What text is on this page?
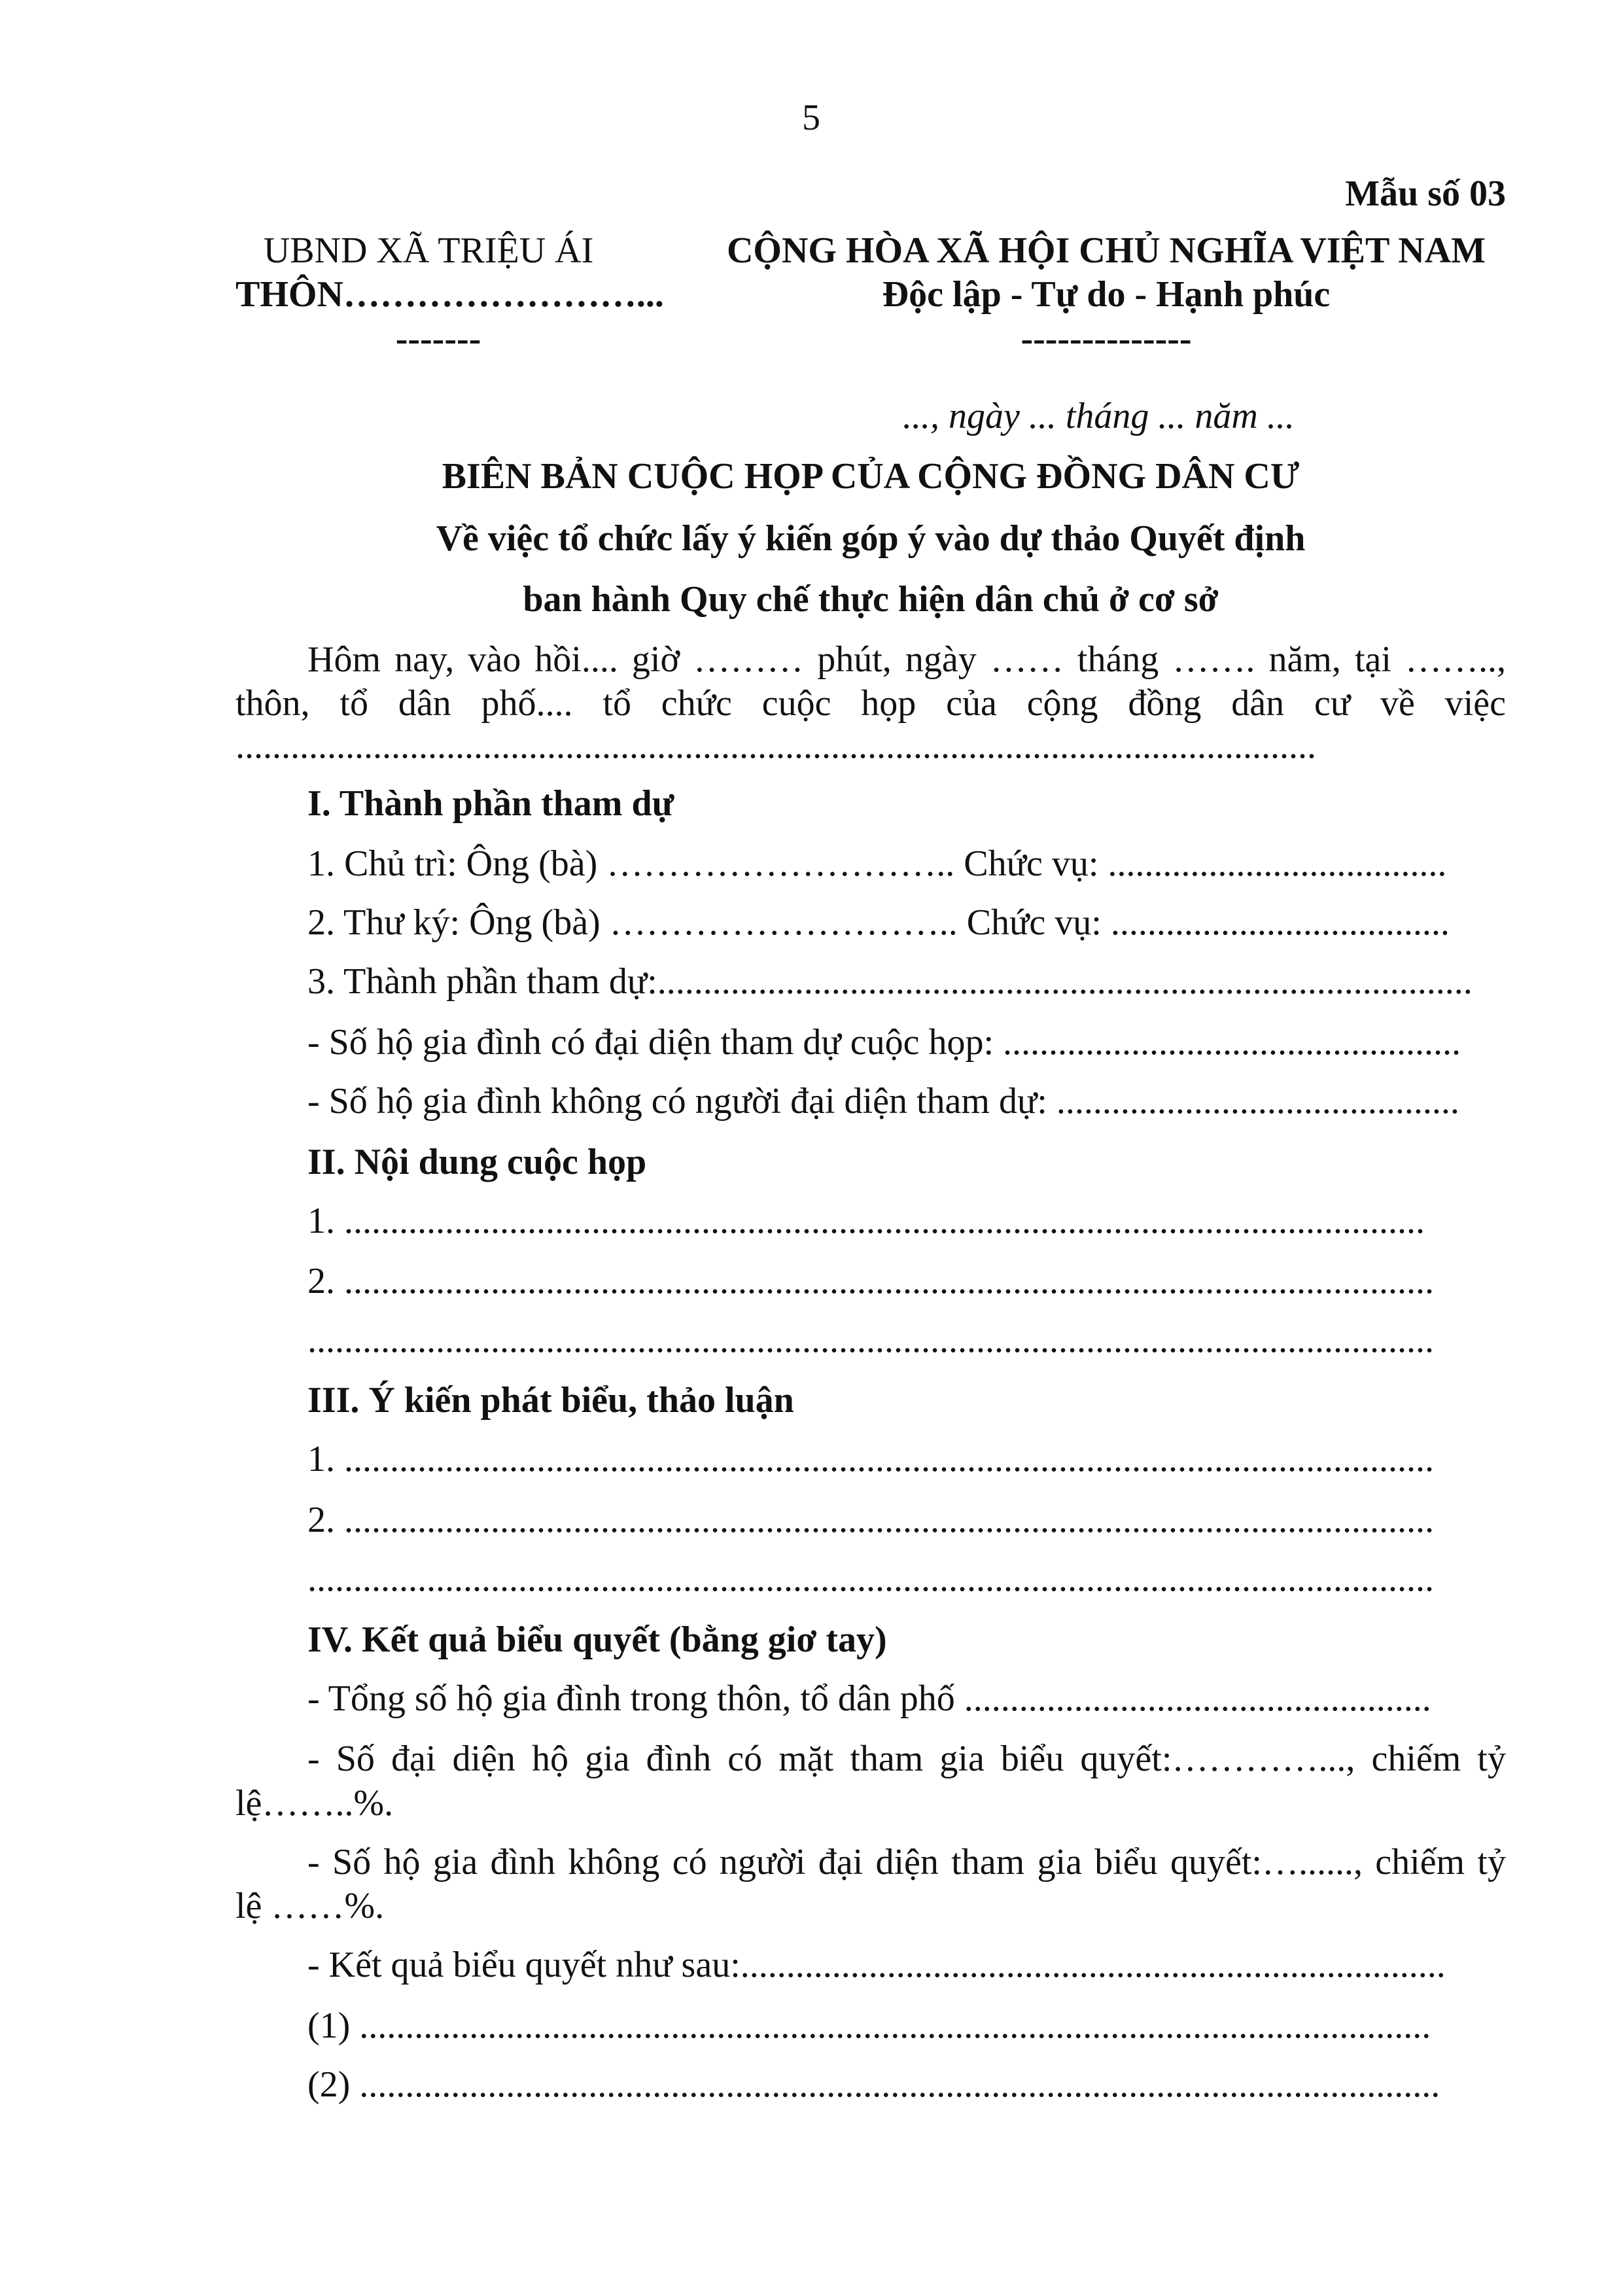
5
Mẫu số 03
UBND XÃ TRIỆU ÁI
THÔN……………………...
-------
CỘNG HÒA XÃ HỘI CHỦ NGHĨA VIỆT NAM
Độc lập - Tự do - Hạnh phúc
--------------
..., ngày ... tháng ... năm ...
BIÊN BẢN CUỘC HỌP CỦA CỘNG ĐỒNG DÂN CƯ
Về việc tổ chức lấy ý kiến góp ý vào dự thảo Quyết định
ban hành Quy chế thực hiện dân chủ ở cơ sở
Hôm nay, vào hồi.... giờ ……… phút, ngày …… tháng ……. năm, tại ……..,
thôn, tổ dân phố.... tổ chức cuộc họp của cộng đồng dân cư về việc
......................................................................................................................
I. Thành phần tham dự
1. Chủ trì: Ông (bà) ……………………….. Chức vụ: .....................................
2. Thư ký: Ông (bà) ……………………….. Chức vụ: .....................................
3. Thành phần tham dự:.........................................................................................
- Số hộ gia đình có đại diện tham dự cuộc họp: ..................................................
- Số hộ gia đình không có người đại diện tham dự: ............................................
II. Nội dung cuộc họp
1. ......................................................................................................................
2. .......................................................................................................................
...........................................................................................................................
III. Ý kiến phát biểu, thảo luận
1. .......................................................................................................................
2. .......................................................................................................................
...........................................................................................................................
IV. Kết quả biểu quyết (bằng giơ tay)
- Tổng số hộ gia đình trong thôn, tổ dân phố ...................................................
- Số đại diện hộ gia đình có mặt tham gia biểu quyết:…………..., chiếm tỷ
lệ……..%.
- Số hộ gia đình không có người đại diện tham gia biểu quyết:…......, chiếm tỷ
lệ ……%.
- Kết quả biểu quyết như sau:.............................................................................
(1) .....................................................................................................................
(2) ......................................................................................................................
